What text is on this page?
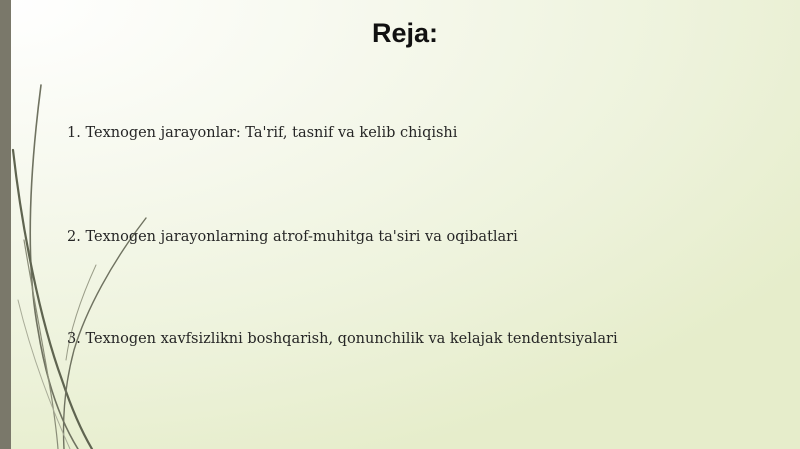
Reja:
1. Texnogen jarayonlar: Ta'rif, tasnif va kelib chiqishi
2. Texnogen jarayonlarning atrof-muhitga ta'siri va oqibatlari
3. Texnogen xavfsizlikni boshqarish, qonunchilik va kelajak tendentsiyalari
